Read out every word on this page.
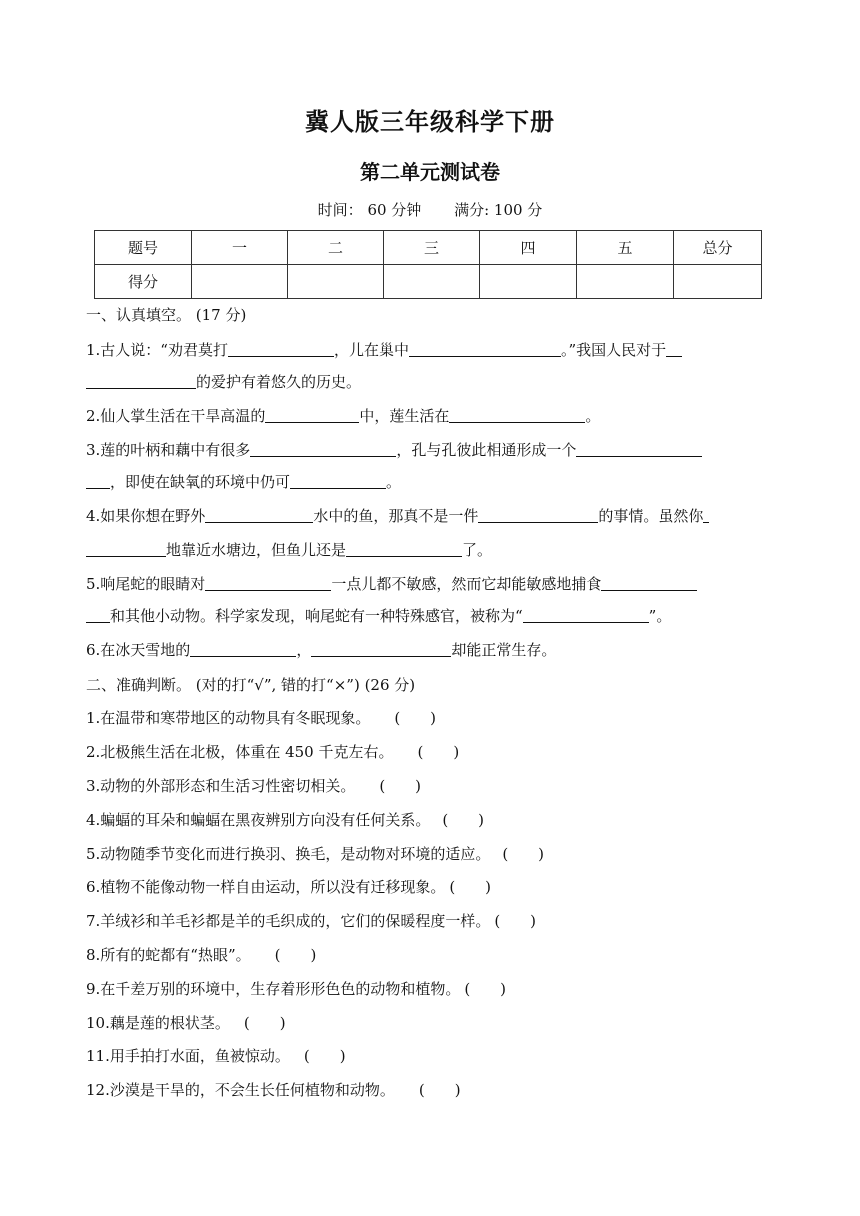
冀人版三年级科学下册
第二单元测试卷
时间： 60 分钟 满分: 100 分
题号	一	二	三	四	五	总分
得分						
一、认真填空。 (17 分)
1.古人说：“劝君莫打	，儿在巢中	。”我国人民对于
的爱护有着悠久的历史。
2.仙人掌生活在干旱高温的	中，莲生活在	。
3.莲的叶柄和藕中有很多	，孔与孔彼此相通形成一个
，即使在缺氧的环境中仍可	。
4.如果你想在野外	水中的鱼，那真不是一件	的事情。虽然你
地靠近水塘边，但鱼儿还是	了。
5.响尾蛇的眼睛对	一点儿都不敏感，然而它却能敏感地捕食
和其他小动物。科学家发现，响尾蛇有一种特殊感官，被称为“	”。
6.在冰天雪地的	，	却能正常生存。
二、准确判断。 (对的打“√”, 错的打“×”) (26 分)
1.在温带和寒带地区的动物具有冬眠现象。 (　　)
2.北极熊生活在北极，体重在 450 千克左右。 (　　)
3.动物的外部形态和生活习性密切相关。 (　　)
4.蝙蝠的耳朵和蝙蝠在黑夜辨别方向没有任何关系。 (　　)
5.动物随季节变化而进行换羽、换毛，是动物对环境的适应。 (　　)
6.植物不能像动物一样自由运动，所以没有迁移现象。 (　　)
7.羊绒衫和羊毛衫都是羊的毛织成的，它们的保暖程度一样。 (　　)
8.所有的蛇都有“热眼”。 (　　)
9.在千差万别的环境中，生存着形形色色的动物和植物。 (　　)
10.藕是莲的根状茎。 (　　)
11.用手拍打水面，鱼被惊动。 (　　)
12.沙漠是干旱的，不会生长任何植物和动物。 (　　)
